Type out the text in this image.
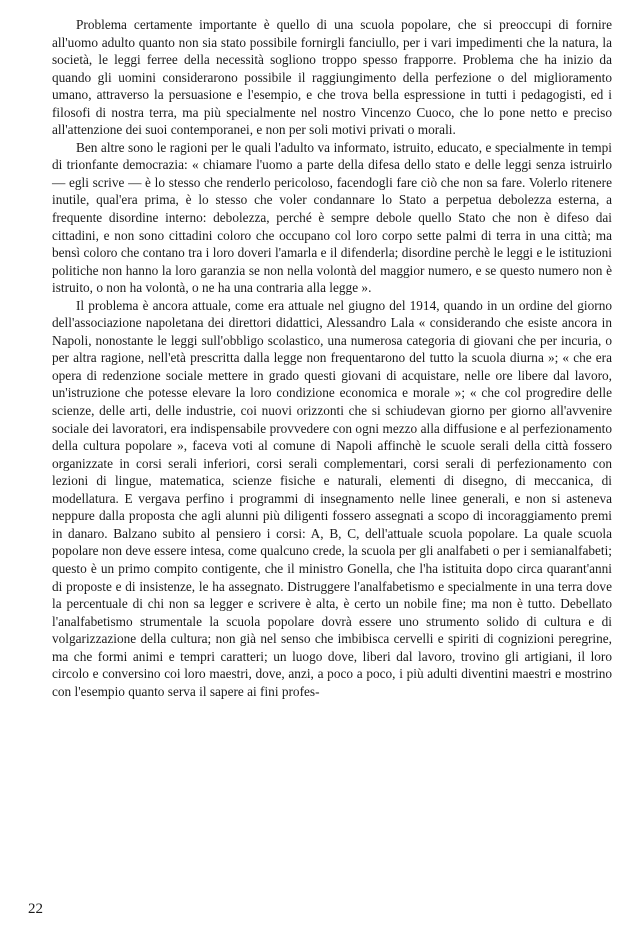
Problema certamente importante è quello di una scuola popolare, che si preoccupi di fornire all'uomo adulto quanto non sia stato possibile fornirgli fanciullo, per i vari impedimenti che la natura, la società, le leggi ferree della necessità sogliono troppo spesso frapporre. Problema che ha inizio da quando gli uomini considerarono possibile il raggiungimento della perfezione o del miglioramento umano, attraverso la persuasione e l'esempio, e che trova bella espressione in tutti i pedagogisti, ed i filosofi di nostra terra, ma più specialmente nel nostro Vincenzo Cuoco, che lo pone netto e preciso all'attenzione dei suoi contemporanei, e non per soli motivi privati o morali.

Ben altre sono le ragioni per le quali l'adulto va informato, istruito, educato, e specialmente in tempi di trionfante democrazia: « chiamare l'uomo a parte della difesa dello stato e delle leggi senza istruirlo — egli scrive — è lo stesso che renderlo pericoloso, facendogli fare ciò che non sa fare. Volerlo ritenere inutile, qual'era prima, è lo stesso che voler condannare lo Stato a perpetua debolezza esterna, a frequente disordine interno: debolezza, perché è sempre debole quello Stato che non è difeso dai cittadini, e non sono cittadini coloro che occupano col loro corpo sette palmi di terra in una città; ma bensì coloro che contano tra i loro doveri l'amarla e il difenderla; disordine perchè le leggi e le istituzioni politiche non hanno la loro garanzia se non nella volontà del maggior numero, e se questo numero non è istruito, o non ha volontà, o ne ha una contraria alla legge ».

Il problema è ancora attuale, come era attuale nel giugno del 1914, quando in un ordine del giorno dell'associazione napoletana dei direttori didattici, Alessandro Lala « considerando che esiste ancora in Napoli, nonostante le leggi sull'obbligo scolastico, una numerosa categoria di giovani che per incuria, o per altra ragione, nell'età prescritta dalla legge non frequentarono del tutto la scuola diurna »; « che era opera di redenzione sociale mettere in grado questi giovani di acquistare, nelle ore libere dal lavoro, un'istruzione che potesse elevare la loro condizione economica e morale »; « che col progredire delle scienze, delle arti, delle industrie, coi nuovi orizzonti che si schiudevan giorno per giorno all'avvenire sociale dei lavoratori, era indispensabile provvedere con ogni mezzo alla diffusione e al perfezionamento della cultura popolare », faceva voti al comune di Napoli affinchè le scuole serali della città fossero organizzate in corsi serali inferiori, corsi serali complementari, corsi serali di perfezionamento con lezioni di lingue, matematica, scienze fisiche e naturali, elementi di disegno, di meccanica, di modellatura. E vergava perfino i programmi di insegnamento nelle linee generali, e non si asteneva neppure dalla proposta che agli alunni più diligenti fossero assegnati a scopo di incoraggiamento premi in danaro. Balzano subito al pensiero i corsi: A, B, C, dell'attuale scuola popolare. La quale scuola popolare non deve essere intesa, come qualcuno crede, la scuola per gli analfabeti o per i semianalfabeti; questo è un primo compito contigente, che il ministro Gonella, che l'ha istituita dopo circa quarant'anni di proposte e di insistenze, le ha assegnato. Distruggere l'analfabetismo e specialmente in una terra dove la percentuale di chi non sa legger e scrivere è alta, è certo un nobile fine; ma non è tutto. Debellato l'analfabetismo strumentale la scuola popolare dovrà essere uno strumento solido di cultura e di volgarizzazione della cultura; non già nel senso che imbibisca cervelli e spiriti di cognizioni peregrine, ma che formi animi e tempri caratteri; un luogo dove, liberi dal lavoro, trovino gli artigiani, il loro circolo e conversino coi loro maestri, dove, anzi, a poco a poco, i più adulti diventini maestri e mostrino con l'esempio quanto serva il sapere ai fini profes-

22
